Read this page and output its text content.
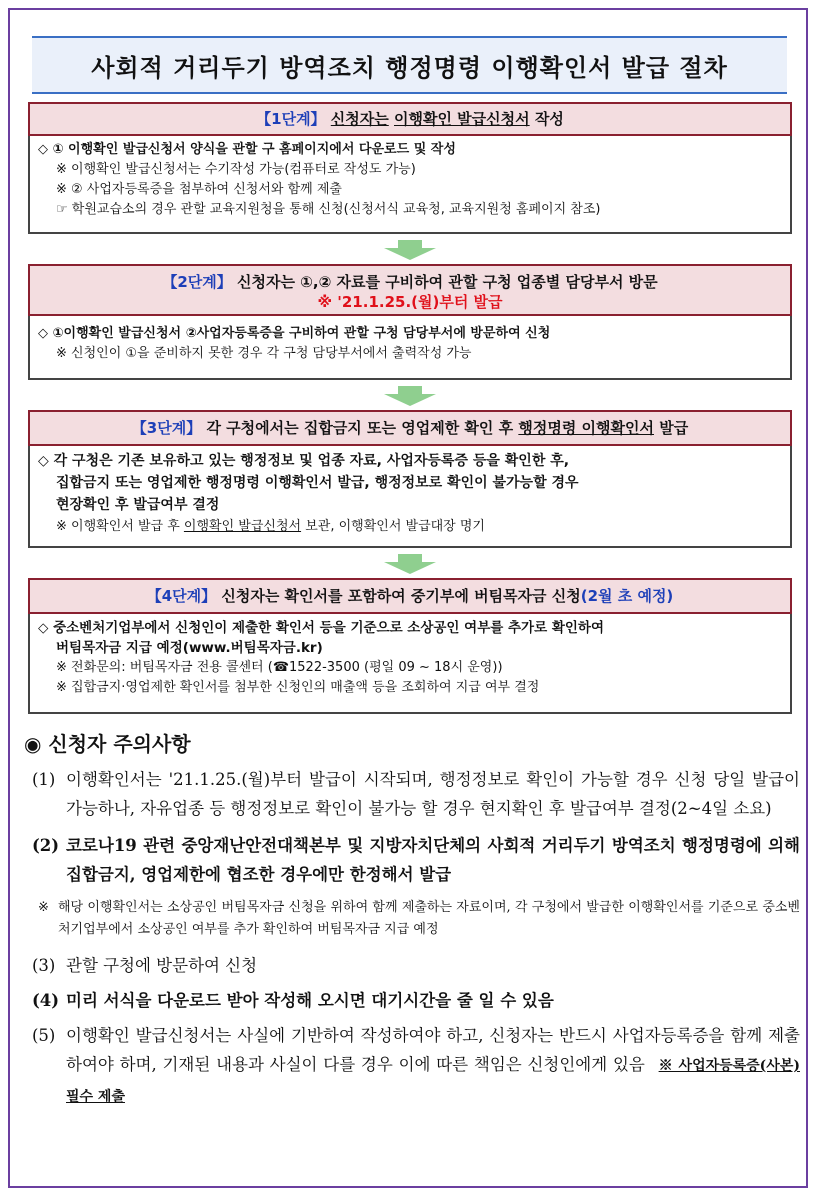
사회적 거리두기 방역조치 행정명령 이행확인서 발급 절차
【1단계】 신청자는 이행확인 발급신청서 작성
◇ ① 이행확인 발급신청서 양식을 관할 구 홈페이지에서 다운로드 및 작성
※ 이행확인 발급신청서는 수기작성 가능(컴퓨터로 작성도 가능)
※ ② 사업자등록증을 첨부하여 신청서와 함께 제출
☞ 학원교습소의 경우 관할 교육지원청을 통해 신청(신청서식 교육청, 교육지원청 홈페이지 참조)
【2단계】 신청자는 ①,② 자료를 구비하여 관할 구청 업종별 담당부서 방문
※ '21.1.25.(월)부터 발급
◇ ①이행확인 발급신청서 ②사업자등록증을 구비하여 관할 구청 담당부서에 방문하여 신청
※ 신청인이 ①을 준비하지 못한 경우 각 구청 담당부서에서 출력작성 가능
【3단계】 각 구청에서는 집합금지 또는 영업제한 확인 후 행정명령 이행확인서 발급
◇ 각 구청은 기존 보유하고 있는 행정정보 및 업종 자료, 사업자등록증 등을 확인한 후,
집합금지 또는 영업제한 행정명령 이행확인서 발급, 행정정보로 확인이 불가능할 경우
현장확인 후 발급여부 결정
※ 이행확인서 발급 후 이행확인 발급신청서 보관, 이행확인서 발급대장 명기
【4단계】 신청자는 확인서를 포함하여 중기부에 버팀목자금 신청(2월 초 예정)
◇ 중소벤처기업부에서 신청인이 제출한 확인서 등을 기준으로 소상공인 여부를 추가로 확인하여
버팀목자금 지급 예정(www.버팀목자금.kr)
※ 전화문의: 버팀목자금 전용 콜센터 (☎1522-3500 (평일 09 ~ 18시 운영))
※ 집합금지·영업제한 확인서를 첨부한 신청인의 매출액 등을 조회하여 지급 여부 결정
◉ 신청자 주의사항
(1) 이행확인서는 '21.1.25.(월)부터 발급이 시작되며, 행정정보로 확인이 가능할 경우 신청 당일 발급이 가능하나, 자유업종 등 행정정보로 확인이 불가능 할 경우 현지확인 후 발급여부 결정(2~4일 소요)
(2) 코로나19 관련 중앙재난안전대책본부 및 지방자치단체의 사회적 거리두기 방역조치 행정명령에 의해 집합금지, 영업제한에 협조한 경우에만 한정해서 발급
※ 해당 이행확인서는 소상공인 버팀목자금 신청을 위하여 함께 제출하는 자료이며, 각 구청에서 발급한 이행확인서를 기준으로 중소벤처기업부에서 소상공인 여부를 추가 확인하여 버팀목자금 지급 예정
(3) 관할 구청에 방문하여 신청
(4) 미리 서식을 다운로드 받아 작성해 오시면 대기시간을 줄 일 수 있음
(5) 이행확인 발급신청서는 사실에 기반하여 작성하여야 하고, 신청자는 반드시 사업자등록증을 함께 제출하여야 하며, 기재된 내용과 사실이 다를 경우 이에 따른 책임은 신청인에게 있음 ※ 사업자등록증(사본) 필수 제출
